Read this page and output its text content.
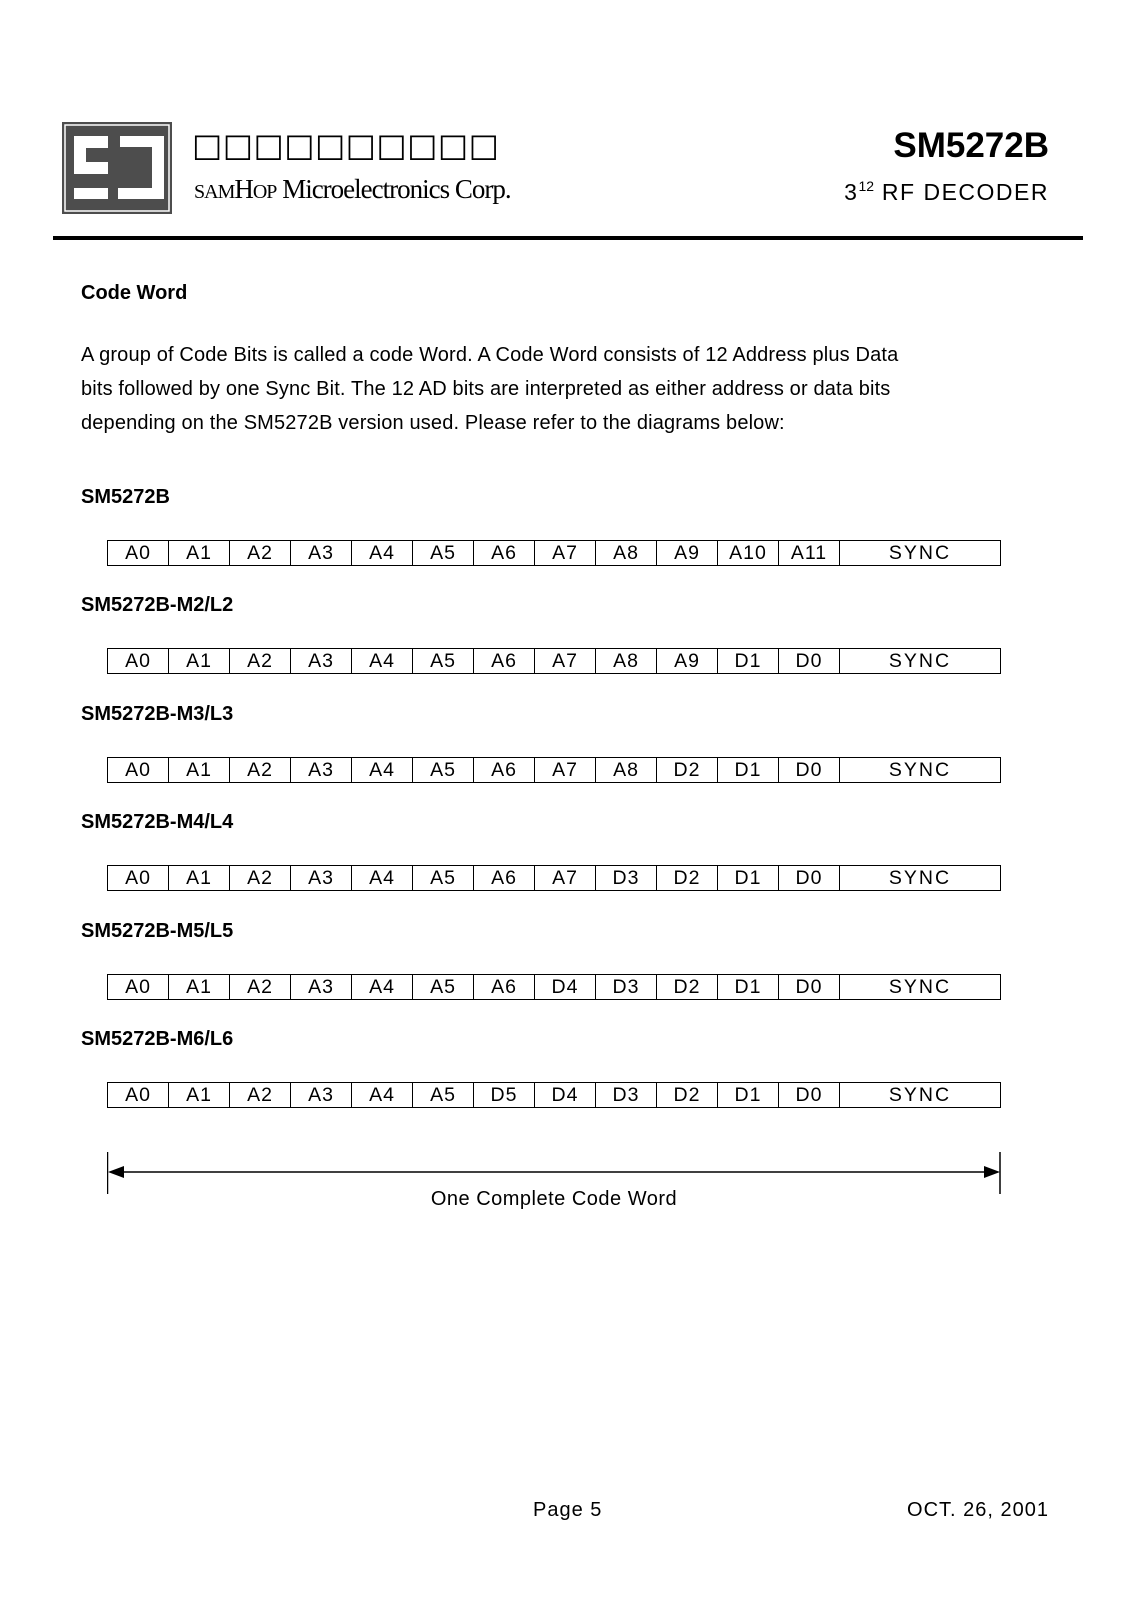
□□□□□□□□□□
SAMHOP Microelectronics Corp.
SM5272B
$3^{12}$ RF DECODER
Code Word
A group of Code Bits is called a code Word. A Code Word consists of 12 Address plus Data
bits followed by one Sync Bit. The 12 AD bits are interpreted as either address or data bits
depending on the SM5272B version used. Please refer to the diagrams below:
SM5272B
A0	A1	A2	A3	A4	A5	A6	A7	A8	A9	A10	A11	SYNC
SM5272B-M2/L2
A0	A1	A2	A3	A4	A5	A6	A7	A8	A9	D1	D0	SYNC
SM5272B-M3/L3
A0	A1	A2	A3	A4	A5	A6	A7	A8	D2	D1	D0	SYNC
SM5272B-M4/L4
A0	A1	A2	A3	A4	A5	A6	A7	D3	D2	D1	D0	SYNC
SM5272B-M5/L5
A0	A1	A2	A3	A4	A5	A6	D4	D3	D2	D1	D0	SYNC
SM5272B-M6/L6
A0	A1	A2	A3	A4	A5	D5	D4	D3	D2	D1	D0	SYNC
One Complete Code Word
Page 5	OCT. 26, 2001
